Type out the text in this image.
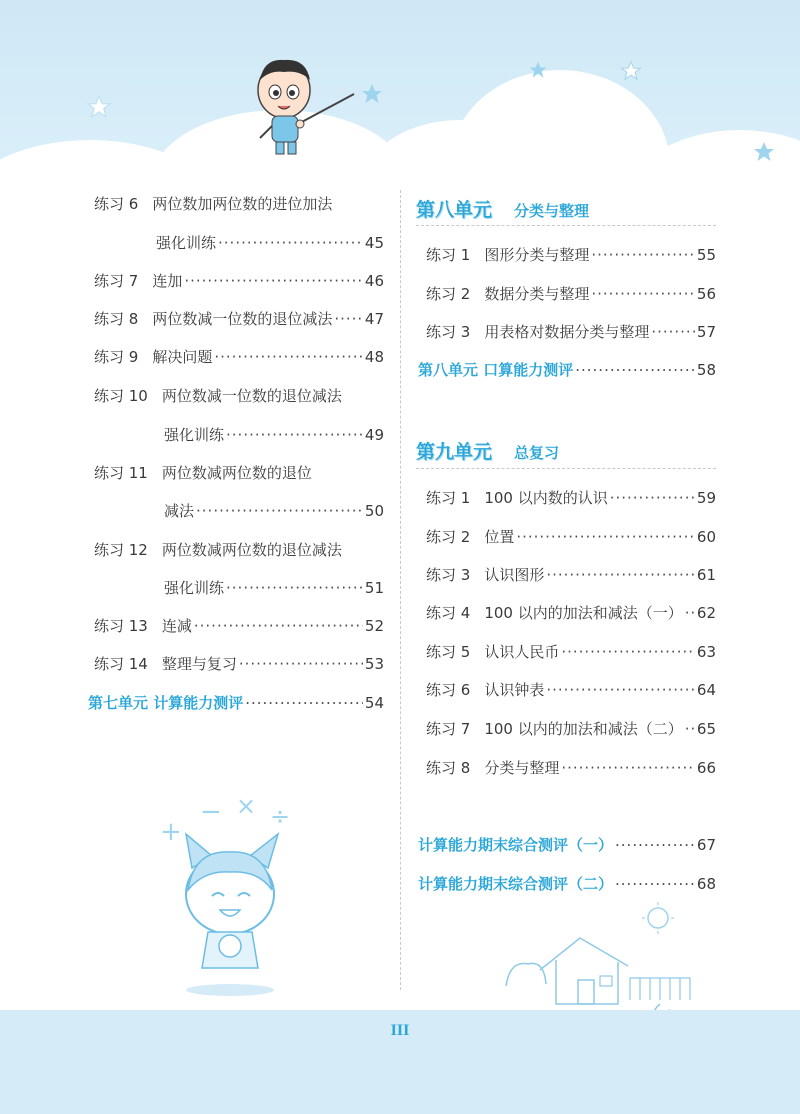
练习 6 两位数加两位数的进位加法
强化训练 ·····	45
练习 7 连加 ·····	46
练习 8 两位数减一位数的退位减法 ····· 47
练习 9 解决问题 ·····	48
练习 10 两位数减一位数的退位减法
强化训练 ·····	49
练习 11 两位数减两位数的退位
减法 ·····	50
练习 12 两位数减两位数的退位减法
强化训练 ·····	51
练习 13 连减 ·····	52
练习 14 整理与复习 ·····	53
第七单元 计算能力测评 ·····	54
+
− × ÷
第八单元 分类与整理
练习 1 图形分类与整理 ·····	55
练习 2 数据分类与整理 ·····	56
练习 3 用表格对数据分类与整理 ·····	57
第八单元 口算能力测评 ·····	58
第九单元 总复习
练习 1 100 以内数的认识 ·····	59
练习 2 位置 ·····	60
练习 3 认识图形 ·····	61
练习 4 100 以内的加法和减法（一） ····· 62
练习 5 认识人民币 ·····	63
练习 6 认识钟表 ·····	64
练习 7 100 以内的加法和减法（二） ····· 65
练习 8 分类与整理 ·····	66
计算能力期末综合测评（一） ·····	67
计算能力期末综合测评（二） ·····	68
III
